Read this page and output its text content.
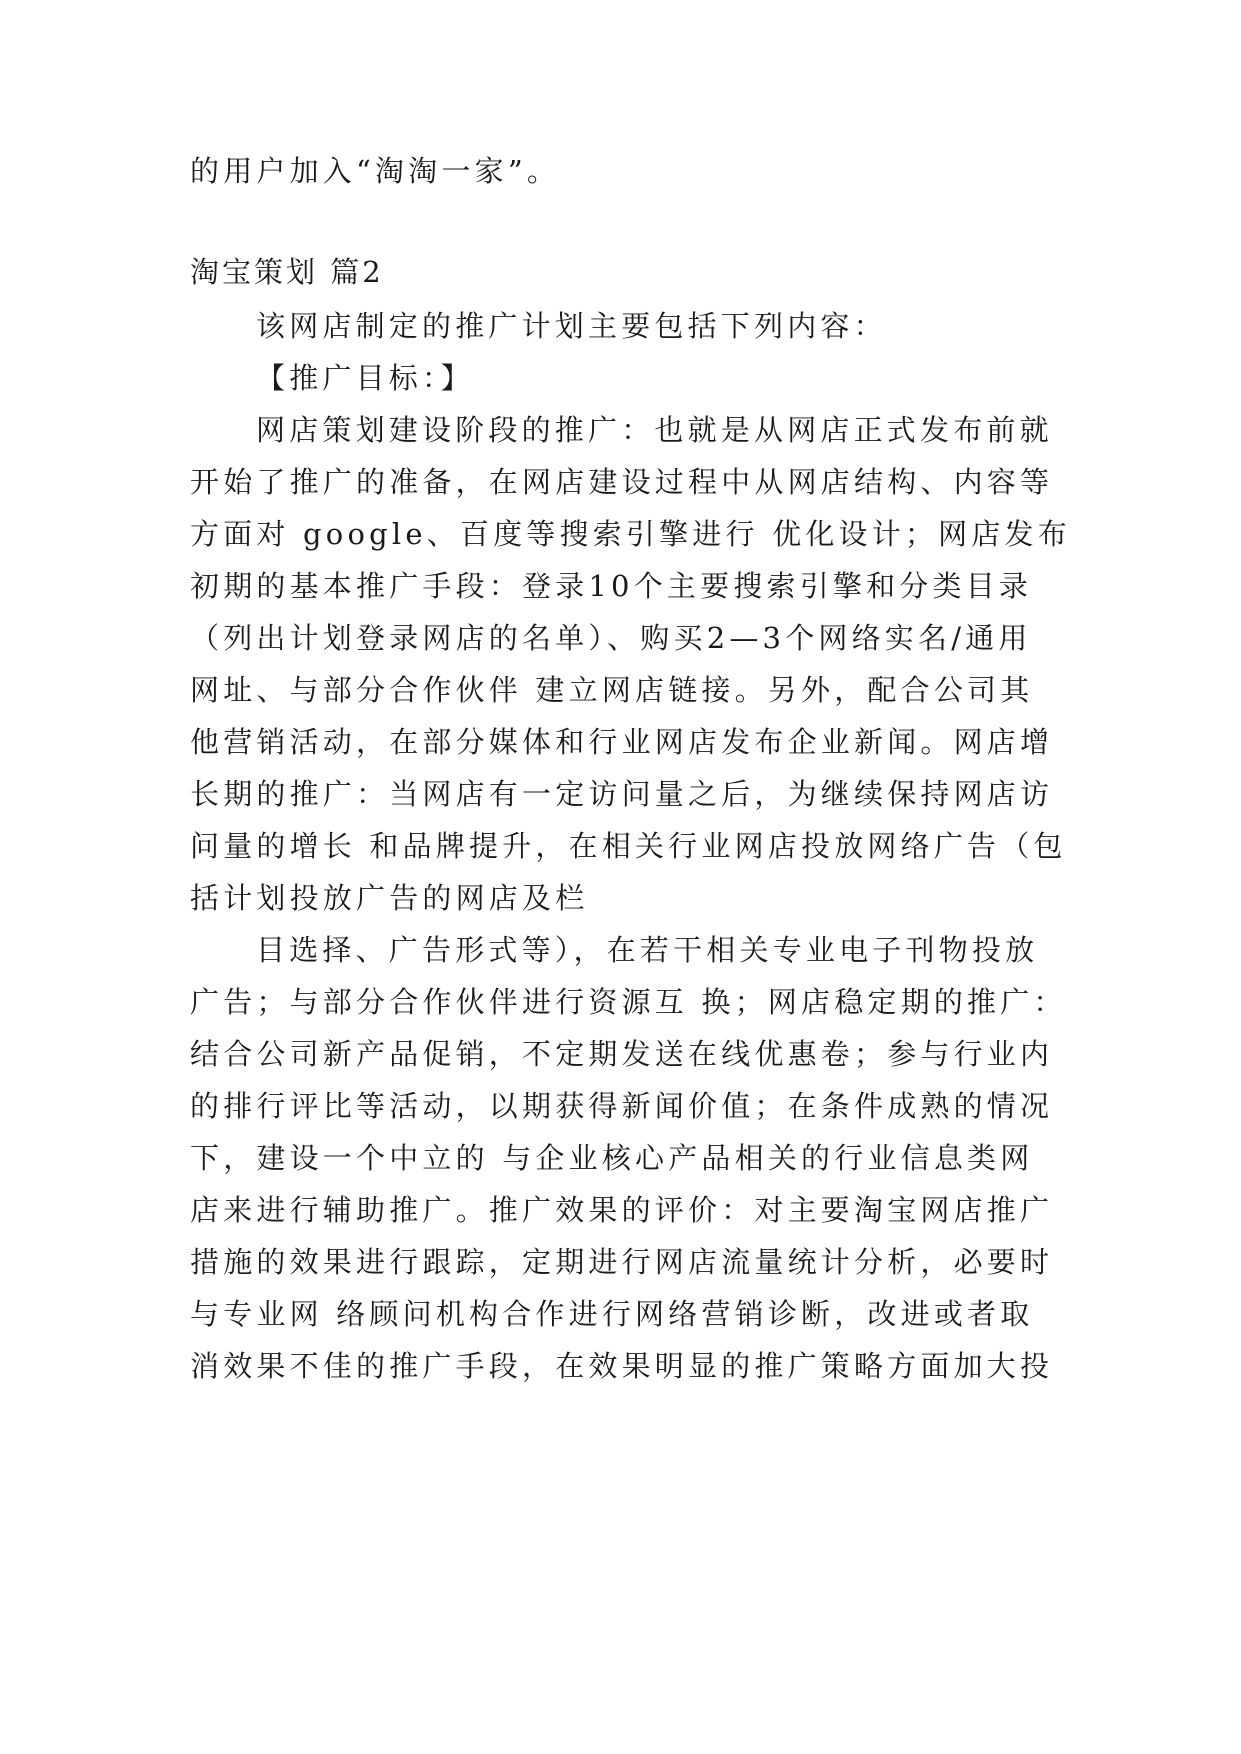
的用户加入“淘淘一家”。
淘宝策划 篇2
该网店制定的推广计划主要包括下列内容：
【推广目标：】
网店策划建设阶段的推广：也就是从网店正式发布前就
开始了推广的准备，在网店建设过程中从网店结构、内容等
方面对 google、百度等搜索引擎进行 优化设计；网店发布
初期的基本推广手段：登录10个主要搜索引擎和分类目录
（列出计划登录网店的名单）、购买2—3个网络实名/通用
网址、与部分合作伙伴 建立网店链接。另外，配合公司其
他营销活动，在部分媒体和行业网店发布企业新闻。网店增
长期的推广：当网店有一定访问量之后，为继续保持网店访
问量的增长 和品牌提升，在相关行业网店投放网络广告（包
括计划投放广告的网店及栏
目选择、广告形式等），在若干相关专业电子刊物投放
广告；与部分合作伙伴进行资源互 换；网店稳定期的推广：
结合公司新产品促销，不定期发送在线优惠卷；参与行业内
的排行评比等活动，以期获得新闻价值；在条件成熟的情况
下，建设一个中立的 与企业核心产品相关的行业信息类网
店来进行辅助推广。推广效果的评价：对主要淘宝网店推广
措施的效果进行跟踪，定期进行网店流量统计分析，必要时
与专业网 络顾问机构合作进行网络营销诊断，改进或者取
消效果不佳的推广手段，在效果明显的推广策略方面加大投
